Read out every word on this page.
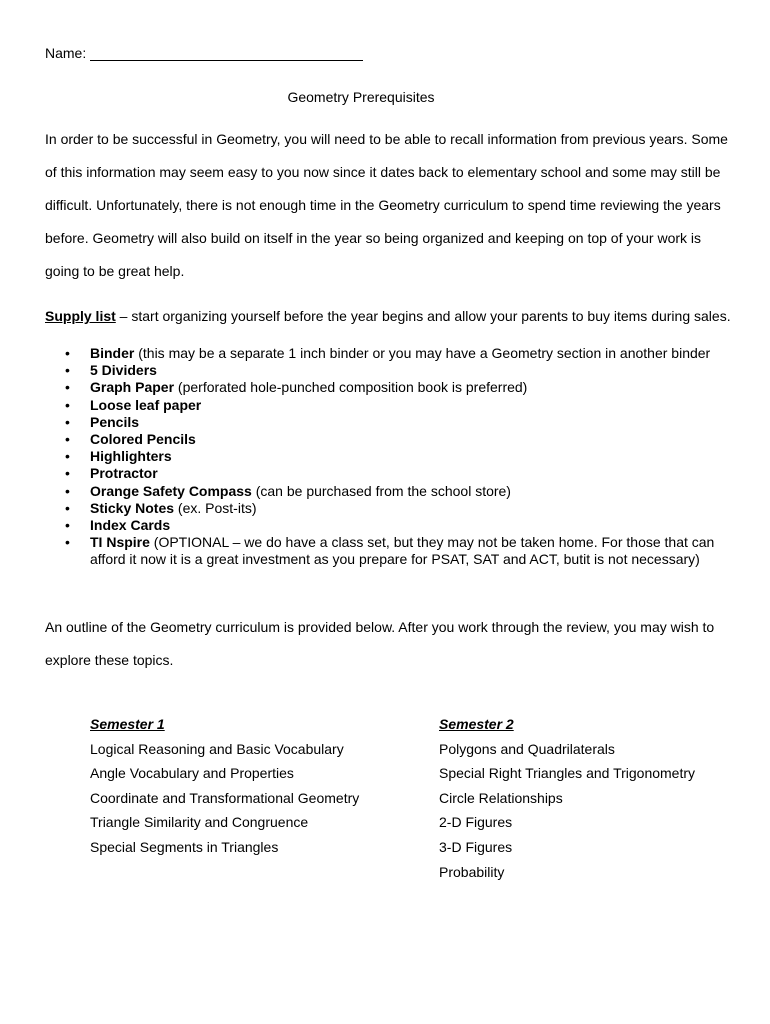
Name:
Geometry Prerequisites
In order to be successful in Geometry, you will need to be able to recall information from previous years. Some
of this information may seem easy to you now since it dates back to elementary school and some may still be
difficult. Unfortunately, there is not enough time in the Geometry curriculum to spend time reviewing the years
before. Geometry will also build on itself in the year so being organized and keeping on top of your work is
going to be great help.
Supply list – start organizing yourself before the year begins and allow your parents to buy items during sales.
• Binder (this may be a separate 1 inch binder or you may have a Geometry section in another binder
• 5 Dividers
• Graph Paper (perforated hole-punched composition book is preferred)
• Loose leaf paper
• Pencils
• Colored Pencils
• Highlighters
• Protractor
• Orange Safety Compass (can be purchased from the school store)
• Sticky Notes (ex. Post-its)
• Index Cards
• TI Nspire (OPTIONAL – we do have a class set, but they may not be taken home. For those that can
afford it now it is a great investment as you prepare for PSAT, SAT and ACT, butit is not necessary)
An outline of the Geometry curriculum is provided below. After you work through the review, you may wish to
explore these topics.
Semester 1
Logical Reasoning and Basic Vocabulary
Angle Vocabulary and Properties
Coordinate and Transformational Geometry
Triangle Similarity and Congruence
Special Segments in Triangles
Semester 2
Polygons and Quadrilaterals
Special Right Triangles and Trigonometry
Circle Relationships
2-D Figures
3-D Figures
Probability
